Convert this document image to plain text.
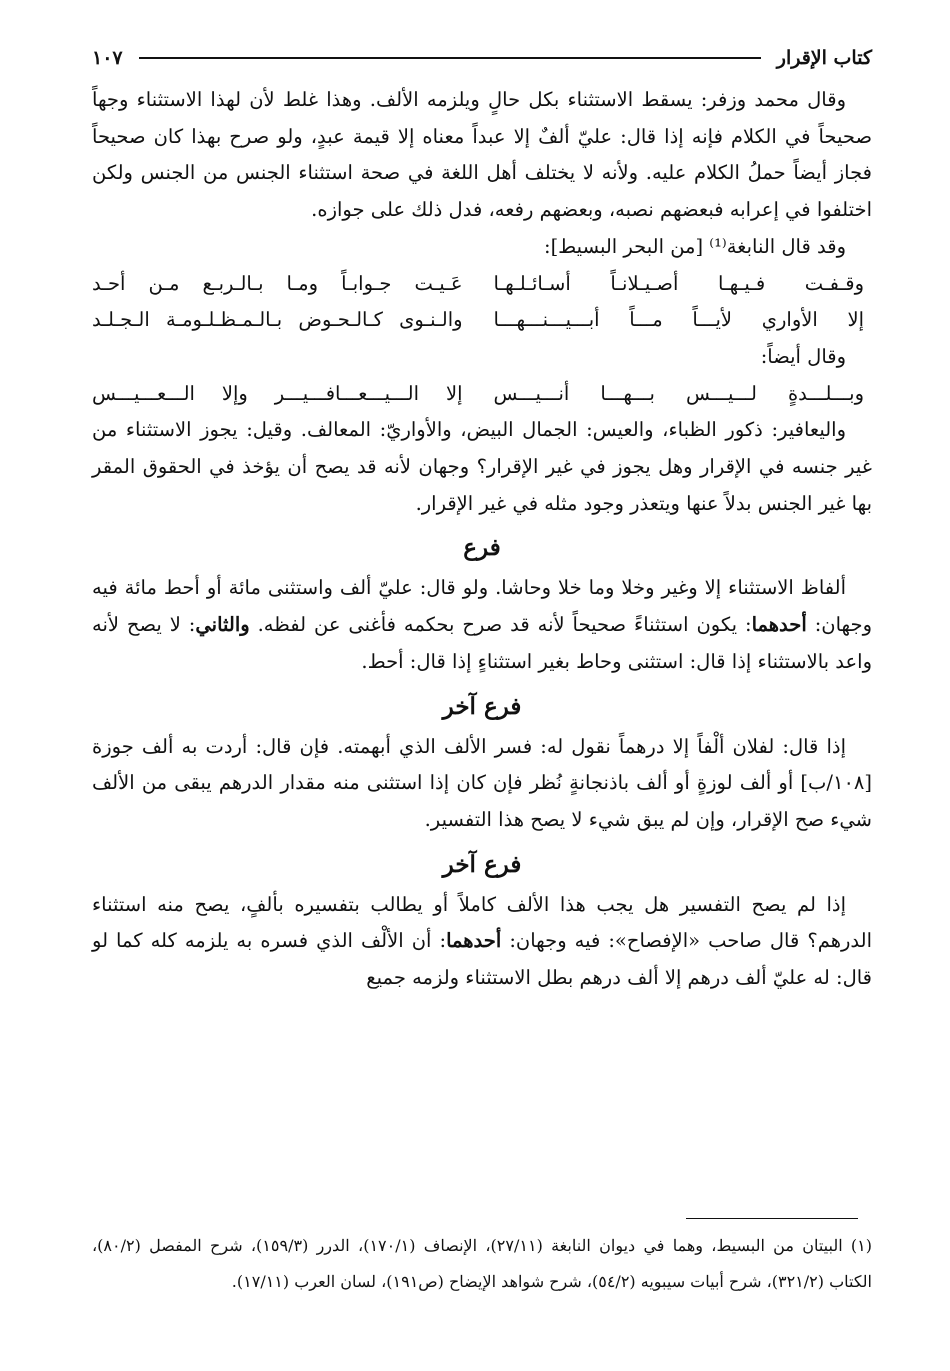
كتاب الإقرار
١٠٧

وقال محمد وزفر: يسقط الاستثناء بكل حالٍ ويلزمه الألف. وهذا غلط لأن لهذا الاستثناء وجهاً صحيحاً في الكلام فإنه إذا قال: عليّ ألفٌ إلا عبداً معناه إلا قيمة عبدٍ، ولو صرح بهذا كان صحيحاً فجاز أيضاً حملُ الكلام عليه. ولأنه لا يختلف أهل اللغة في صحة استثناء الجنس من الجنس ولكن اختلفوا في إعرابه فبعضهم نصبه، وبعضهم رفعه، فدل ذلك على جوازه.

وقد قال النابغة⁽¹⁾ [من البحر البسيط]:

وقـفـت فـيـهـا أصـيـلانـاً أسـائـلـهـا
عَـيـت جـوابـاً ومـا بـالـربـع مـن أحـد
إلا الأواري لأيـــاً مـــاً أبـــيـــنـــهـــا
والـنـوى كـالـحـوض بـالـمـظـلـومـة الـجـلـد

وقال أيضاً:

وبـــلـــدةٍ لـــيـــس بـــهـــا أنـــيـــس
إلا الـــيـــعـــافـــيـــر وإلا الـــعـــيـــس

واليعافير: ذكور الظباء، والعيس: الجمال البيض، والأواريّ: المعالف. وقيل: يجوز الاستثناء من غير جنسه في الإقرار وهل يجوز في غير الإقرار؟ وجهان لأنه قد يصح أن يؤخذ في الحقوق المقر بها غير الجنس بدلاً عنها ويتعذر وجود مثله في غير الإقرار.

فرع

ألفاظ الاستثناء إلا وغير وخلا وما خلا وحاشا. ولو قال: عليّ ألف واستثنى مائة أو أحط مائة فيه وجهان: أحدهما: يكون استثناءً صحيحاً لأنه قد صرح بحكمه فأغنى عن لفظه. والثاني: لا يصح لأنه واعد بالاستثناء إذا قال: استثنى وحاط بغير استثناءٍ إذا قال: أحط.

فرع آخر

إذا قال: لفلان ألْفاً إلا درهماً نقول له: فسر الألف الذي أبهمته. فإن قال: أردت به ألف جوزة [١٠٨/ب] أو ألف لوزةٍ أو ألف باذنجانةٍ نُظر فإن كان إذا استثنى منه مقدار الدرهم يبقى من الألف شيء صح الإقرار، وإن لم يبق شيء لا يصح هذا التفسير.

فرع آخر

إذا لم يصح التفسير هل يجب هذا الألف كاملاً أو يطالب بتفسيره بألفٍ، يصح منه استثناء الدرهم؟ قال صاحب «الإفصاح»: فيه وجهان: أحدهما: أن الألْف الذي فسره به يلزمه كله كما لو قال: له عليّ ألف درهم إلا ألف درهم بطل الاستثناء ولزمه جميع

(١) البيتان من البسيط، وهما في ديوان النابغة (٢٧/١١)، الإنصاف (١٧٠/١)، الدرر (١٥٩/٣)، شرح المفصل (٨٠/٢)، الكتاب (٣٢١/٢)، شرح أبيات سيبويه (٥٤/٢)، شرح شواهد الإيضاح (ص١٩١)، لسان العرب (١٧/١١).
